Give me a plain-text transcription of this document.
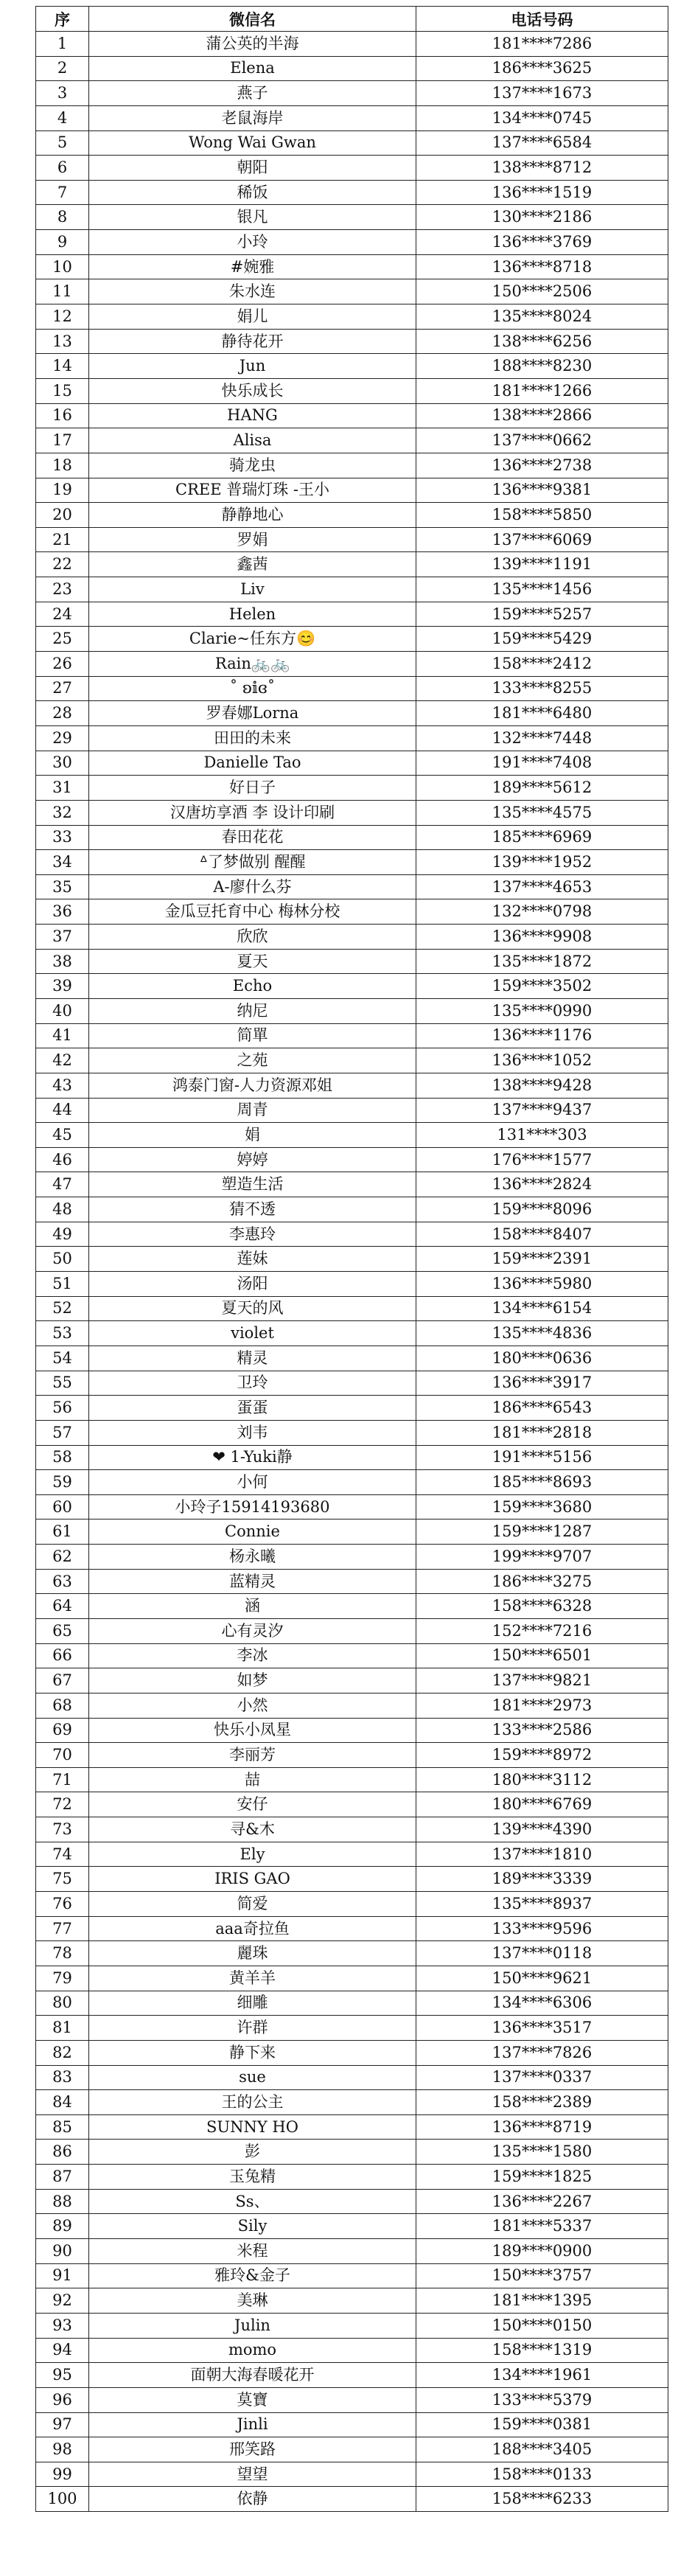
序	微信名	电话号码
1	蒲公英的半海	181****7286
2	Elena	186****3625
3	燕子	137****1673
4	老鼠海岸	134****0745
5	Wong Wai Gwan	137****6584
6	朝阳	138****8712
7	稀饭	136****1519
8	银凡	130****2186
9	小玲	136****3769
10	#婉雅	136****8718
11	朱水连	150****2506
12	娟儿	135****8024
13	静待花开	138****6256
14	Jun	188****8230
15	快乐成长	181****1266
16	HANG	138****2866
17	Alisa	137****0662
18	骑龙虫	136****2738
19	CREE 普瑞灯珠 -王小	136****9381
20	静静地心	158****5850
21	罗娟	137****6069
22	鑫茜	139****1191
23	Liv	135****1456
24	Helen	159****5257
25	Clarie~任东方😊	159****5429
26	Rain🚲🚲	158****2412
27	˚ ʚ𝕚ɞ˚	133****8255
28	罗春娜Lorna	181****6480
29	田田的未来	132****7448
30	Danielle Tao	191****7408
31	好日子	189****5612
32	汉唐坊享酒 李 设计印刷	135****4575
33	春田花花	185****6969
34	ᐞ了梦做别 醒醒	139****1952
35	A-廖什么芬	137****4653
36	金瓜豆托育中心 梅林分校	132****0798
37	欣欣	136****9908
38	夏天	135****1872
39	Echo	159****3502
40	纳尼	135****0990
41	简單	136****1176
42	之苑	136****1052
43	鸿泰门窗-人力资源邓姐	138****9428
44	周青	137****9437
45	娟	131****303
46	婷婷	176****1577
47	塑造生活	136****2824
48	猜不透	159****8096
49	李惠玲	158****8407
50	莲妹	159****2391
51	汤阳	136****5980
52	夏天的风	134****6154
53	violet	135****4836
54	精灵	180****0636
55	卫玲	136****3917
56	蛋蛋	186****6543
57	刘韦	181****2818
58	❤ 1-Yuki静	191****5156
59	小何	185****8693
60	小玲子15914193680	159****3680
61	Connie	159****1287
62	杨永曦	199****9707
63	蓝精灵	186****3275
64	涵	158****6328
65	心有灵汐	152****7216
66	李冰	150****6501
67	如梦	137****9821
68	小然	181****2973
69	快乐小凤星	133****2586
70	李丽芳	159****8972
71	喆	180****3112
72	安仔	180****6769
73	寻&木	139****4390
74	Ely	137****1810
75	IRIS GAO	189****3339
76	简爱	135****8937
77	aaa奇拉鱼	133****9596
78	麗珠	137****0118
79	黄羊羊	150****9621
80	细雕	134****6306
81	许群	136****3517
82	静下来	137****7826
83	sue	137****0337
84	王的公主	158****2389
85	SUNNY HO	136****8719
86	彭	135****1580
87	玉兔精	159****1825
88	Ss、	136****2267
89	Sily	181****5337
90	米程	189****0900
91	雅玲&金子	150****3757
92	美琳	181****1395
93	Julin	150****0150
94	momo	158****1319
95	面朝大海春暖花开	134****1961
96	莫寶	133****5379
97	Jinli	159****0381
98	邢笑路	188****3405
99	望望	158****0133
100	依静	158****6233
